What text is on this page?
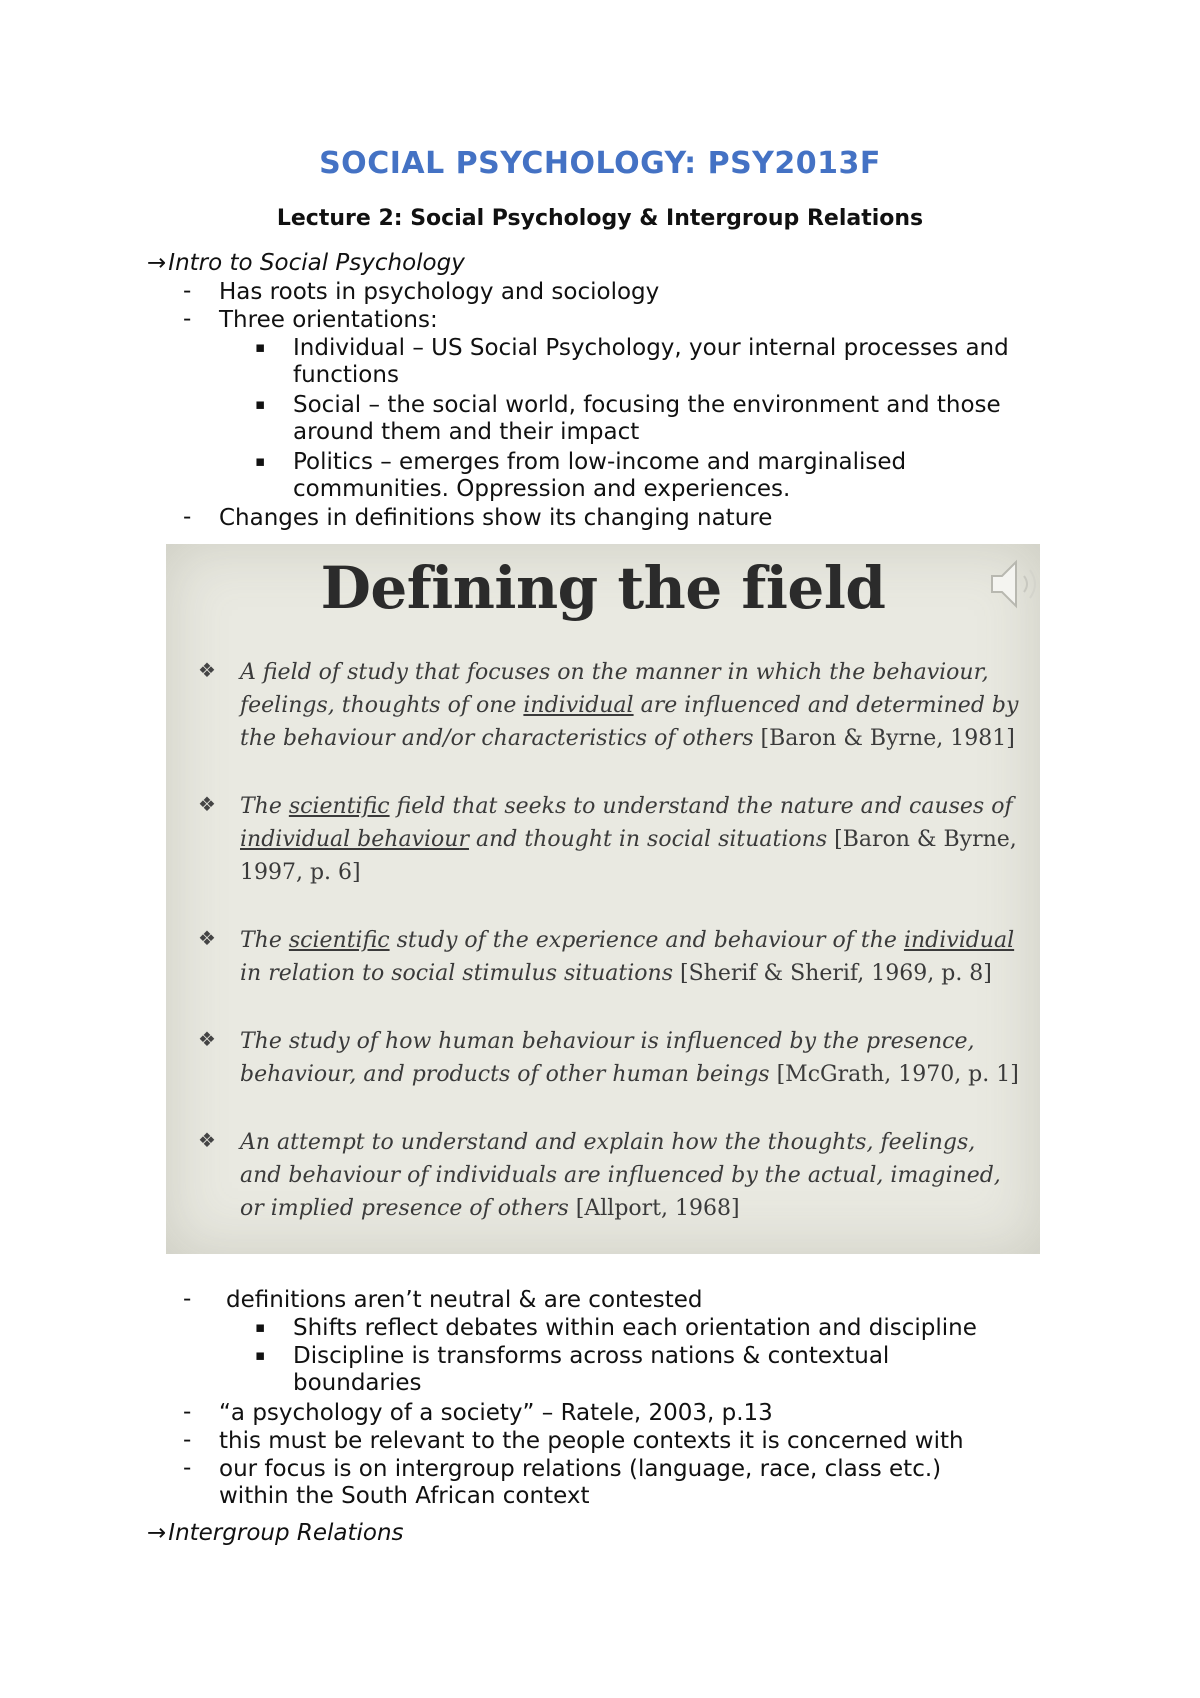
SOCIAL PSYCHOLOGY: PSY2013F
Lecture 2: Social Psychology & Intergroup Relations
→Intro to Social Psychology
- Has roots in psychology and sociology
- Three orientations:
▪ Individual – US Social Psychology, your internal processes and
functions
▪ Social – the social world, focusing the environment and those
around them and their impact
▪ Politics – emerges from low-income and marginalised
communities. Oppression and experiences.
- Changes in definitions show its changing nature
Defining the field
❖ A field of study that focuses on the manner in which the behaviour, feelings, thoughts of one individual are influenced and determined by the behaviour and/or characteristics of others [Baron & Byrne, 1981]
❖ The scientific field that seeks to understand the nature and causes of individual behaviour and thought in social situations [Baron & Byrne, 1997, p. 6]
❖ The scientific study of the experience and behaviour of the individual in relation to social stimulus situations [Sherif & Sherif, 1969, p. 8]
❖ The study of how human behaviour is influenced by the presence, behaviour, and products of other human beings [McGrath, 1970, p. 1]
❖ An attempt to understand and explain how the thoughts, feelings, and behaviour of individuals are influenced by the actual, imagined, or implied presence of others [Allport, 1968]
- definitions aren’t neutral & are contested
▪ Shifts reflect debates within each orientation and discipline
▪ Discipline is transforms across nations & contextual
boundaries
- “a psychology of a society” – Ratele, 2003, p.13
- this must be relevant to the people contexts it is concerned with
- our focus is on intergroup relations (language, race, class etc.)
within the South African context
→Intergroup Relations
